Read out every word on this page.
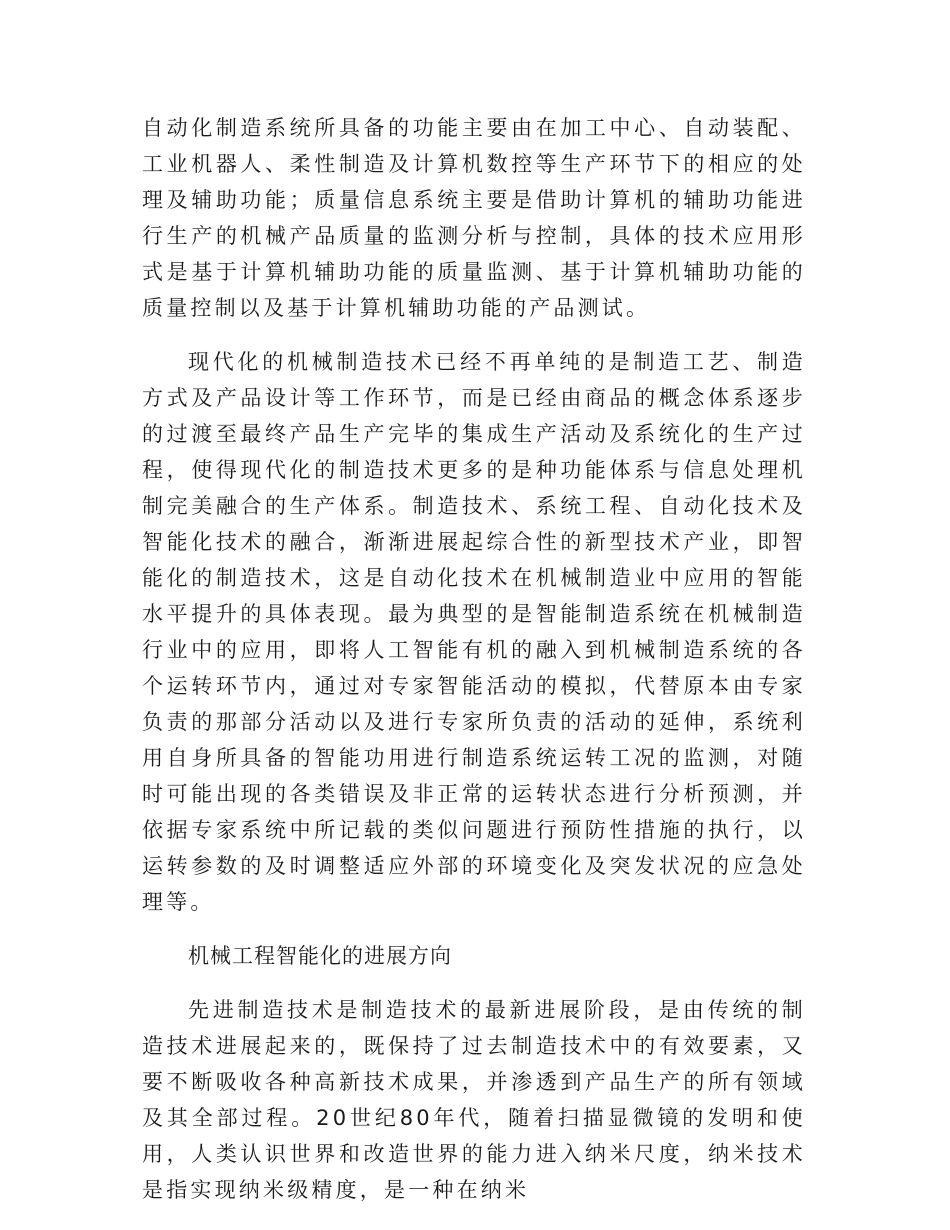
自动化制造系统所具备的功能主要由在加工中心、自动装配、工业机器人、柔性制造及计算机数控等生产环节下的相应的处理及辅助功能；质量信息系统主要是借助计算机的辅助功能进行生产的机械产品质量的监测分析与控制，具体的技术应用形式是基于计算机辅助功能的质量监测、基于计算机辅助功能的质量控制以及基于计算机辅助功能的产品测试。

现代化的机械制造技术已经不再单纯的是制造工艺、制造方式及产品设计等工作环节，而是已经由商品的概念体系逐步的过渡至最终产品生产完毕的集成生产活动及系统化的生产过程，使得现代化的制造技术更多的是种功能体系与信息处理机制完美融合的生产体系。制造技术、系统工程、自动化技术及智能化技术的融合，渐渐进展起综合性的新型技术产业，即智能化的制造技术，这是自动化技术在机械制造业中应用的智能水平提升的具体表现。最为典型的是智能制造系统在机械制造行业中的应用，即将人工智能有机的融入到机械制造系统的各个运转环节内，通过对专家智能活动的模拟，代替原本由专家负责的那部分活动以及进行专家所负责的活动的延伸，系统利用自身所具备的智能功用进行制造系统运转工况的监测，对随时可能出现的各类错误及非正常的运转状态进行分析预测，并依据专家系统中所记载的类似问题进行预防性措施的执行，以运转参数的及时调整适应外部的环境变化及突发状况的应急处理等。

机械工程智能化的进展方向

先进制造技术是制造技术的最新进展阶段，是由传统的制造技术进展起来的，既保持了过去制造技术中的有效要素，又要不断吸收各种高新技术成果，并渗透到产品生产的所有领域及其全部过程。20世纪80年代，随着扫描显微镜的发明和使用，人类认识世界和改造世界的能力进入纳米尺度，纳米技术是指实现纳米级精度，是一种在纳米
